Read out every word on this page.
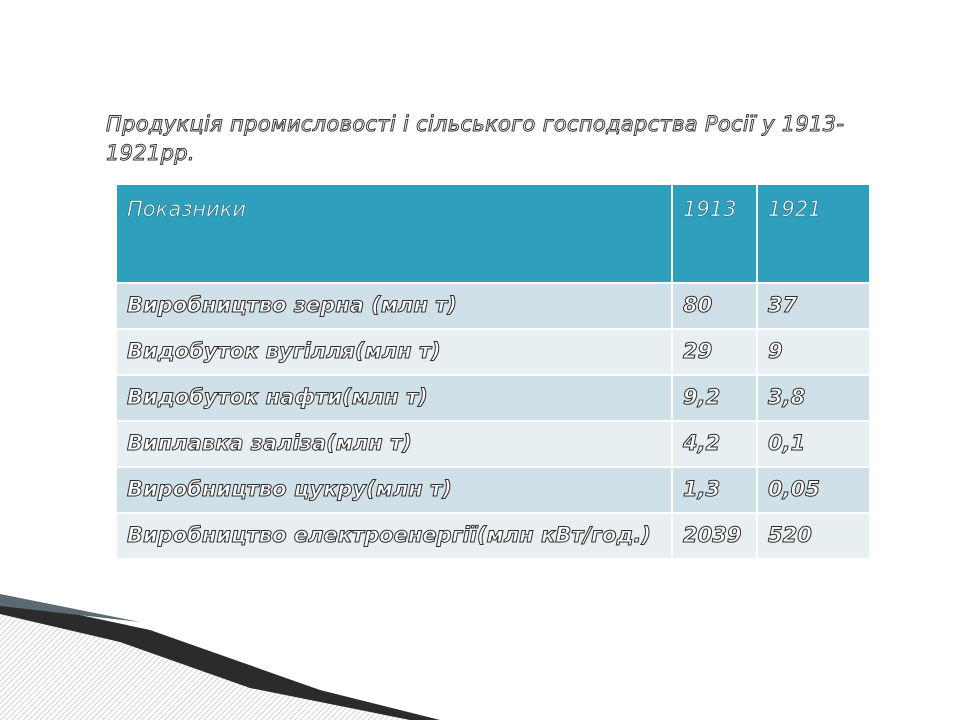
Продукція промисловості і сільського господарства Росії у 1913-1921рр.
Показники	1913	1921
Виробництво зерна (млн т)	80	37
Видобуток вугілля(млн т)	29	9
Видобуток нафти(млн т)	9,2	3,8
Виплавка заліза(млн т)	4,2	0,1
Виробництво цукру(млн т)	1,3	0,05
Виробництво електроенергії(млн кВт/год.)	2039	520
